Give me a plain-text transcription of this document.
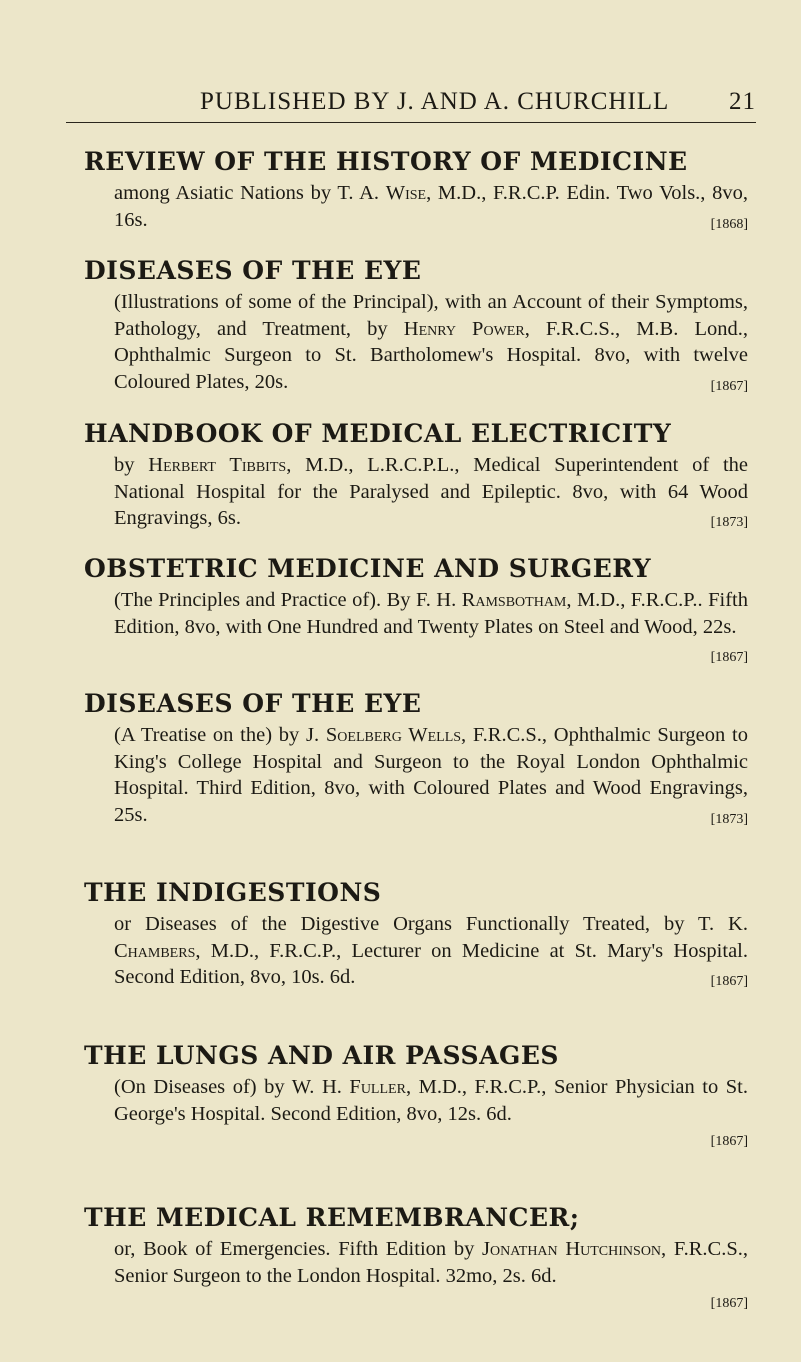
PUBLISHED BY J. AND A. CHURCHILL 21
REVIEW OF THE HISTORY OF MEDICINE
among Asiatic Nations by T. A. Wise, M.D., F.R.C.P. Edin. Two Vols., 8vo, 16s.	[1868]
DISEASES OF THE EYE
(Illustrations of some of the Principal), with an Account of their Symptoms, Pathology, and Treatment, by Henry Power, F.R.C.S., M.B. Lond., Ophthalmic Surgeon to St. Bartholomew's Hospital. 8vo, with twelve Coloured Plates, 20s.	[1867]
HANDBOOK OF MEDICAL ELECTRICITY
by Herbert Tibbits, M.D., L.R.C.P.L., Medical Superintendent of the National Hospital for the Paralysed and Epileptic. 8vo, with 64 Wood Engravings, 6s.	[1873]
OBSTETRIC MEDICINE AND SURGERY
(The Principles and Practice of). By F. H. Ramsbotham, M.D., F.R.C.P.. Fifth Edition, 8vo, with One Hundred and Twenty Plates on Steel and Wood, 22s.
[1867]
DISEASES OF THE EYE
(A Treatise on the) by J. Soelberg Wells, F.R.C.S., Ophthalmic Surgeon to King's College Hospital and Surgeon to the Royal London Ophthalmic Hospital. Third Edition, 8vo, with Coloured Plates and Wood Engravings, 25s.	[1873]
THE INDIGESTIONS
or Diseases of the Digestive Organs Functionally Treated, by T. K. Chambers, M.D., F.R.C.P., Lecturer on Medicine at St. Mary's Hospital. Second Edition, 8vo, 10s. 6d.	[1867]
THE LUNGS AND AIR PASSAGES
(On Diseases of) by W. H. Fuller, M.D., F.R.C.P., Senior Physician to St. George's Hospital. Second Edition, 8vo, 12s. 6d.
[1867]
THE MEDICAL REMEMBRANCER;
or, Book of Emergencies. Fifth Edition by Jonathan Hutchinson, F.R.C.S., Senior Surgeon to the London Hospital. 32mo, 2s. 6d.
[1867]
